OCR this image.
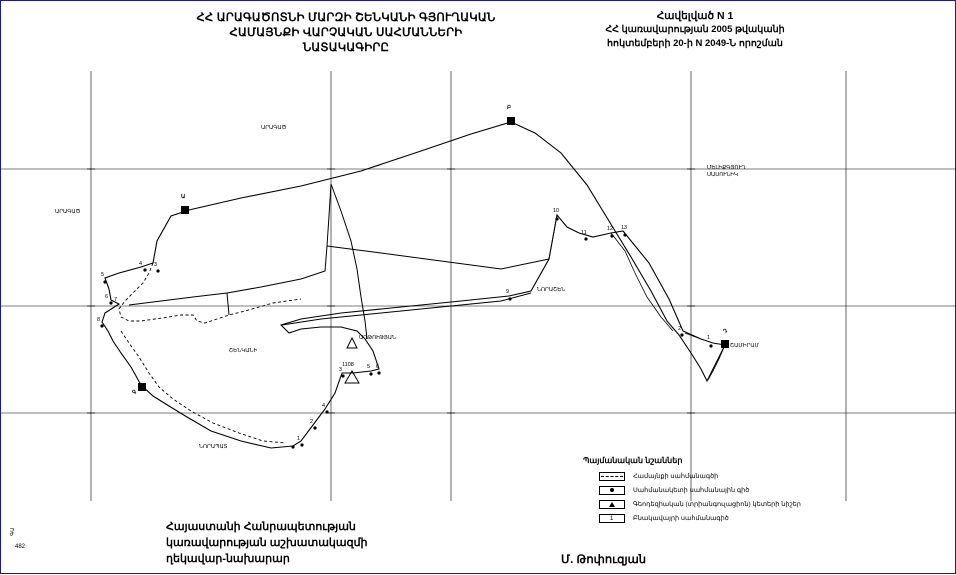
ՀՀ ԱՐԱԳԱԾՈՏՆԻ ՄԱՐԶԻ ՇԵՆԿԱՆԻ ԳՅՈՒՂԱԿԱՆ
ՀԱՄԱՅՆՔԻ ՎԱՐՉԱԿԱՆ ՍԱՀՄԱՆՆԵՐԻ
ՆԱՏԱԿԱԳԻՐԸ
Հավելված N 1
ՀՀ կառավարության 2005 թվականի
հոկտեմբերի 20-ի N 2049-Ն որոշման
Բ
Ա
Դ
Գ
5
4 3
6 7
8
9
10
11
12 13
1
2
6
5
3
4
2
1
ԱՐԱԳԱԾ
ԱՐԱԳԱԾ
ՄԵԼԻՔԳՅՈՒՂ
ՍԱՍՈՒՆԻԿ
ՇԵՆԿԱՆԻ
ՆՈՐԱՇԵՆ
ՇԱՄԻՐԱՄ
ՆՈՐԱՊԱՏ
ԱՂԹՈՒԹՅԱՆ
1108
Պայմանական նշաններ
Համայնքի սահմանագծի
Սահմանակետի սահմանային գիծ
Գեոդեզիական (տրիանգուլացիոն) կետերի նիշեր
1
Բնակավայրի սահմանագիծ
Հայաստանի Հանրապետության
կառավարության աշխատակազմի
ղեկավար-նախարար	Մ. Թոփուզյան
ԳԱ
482
